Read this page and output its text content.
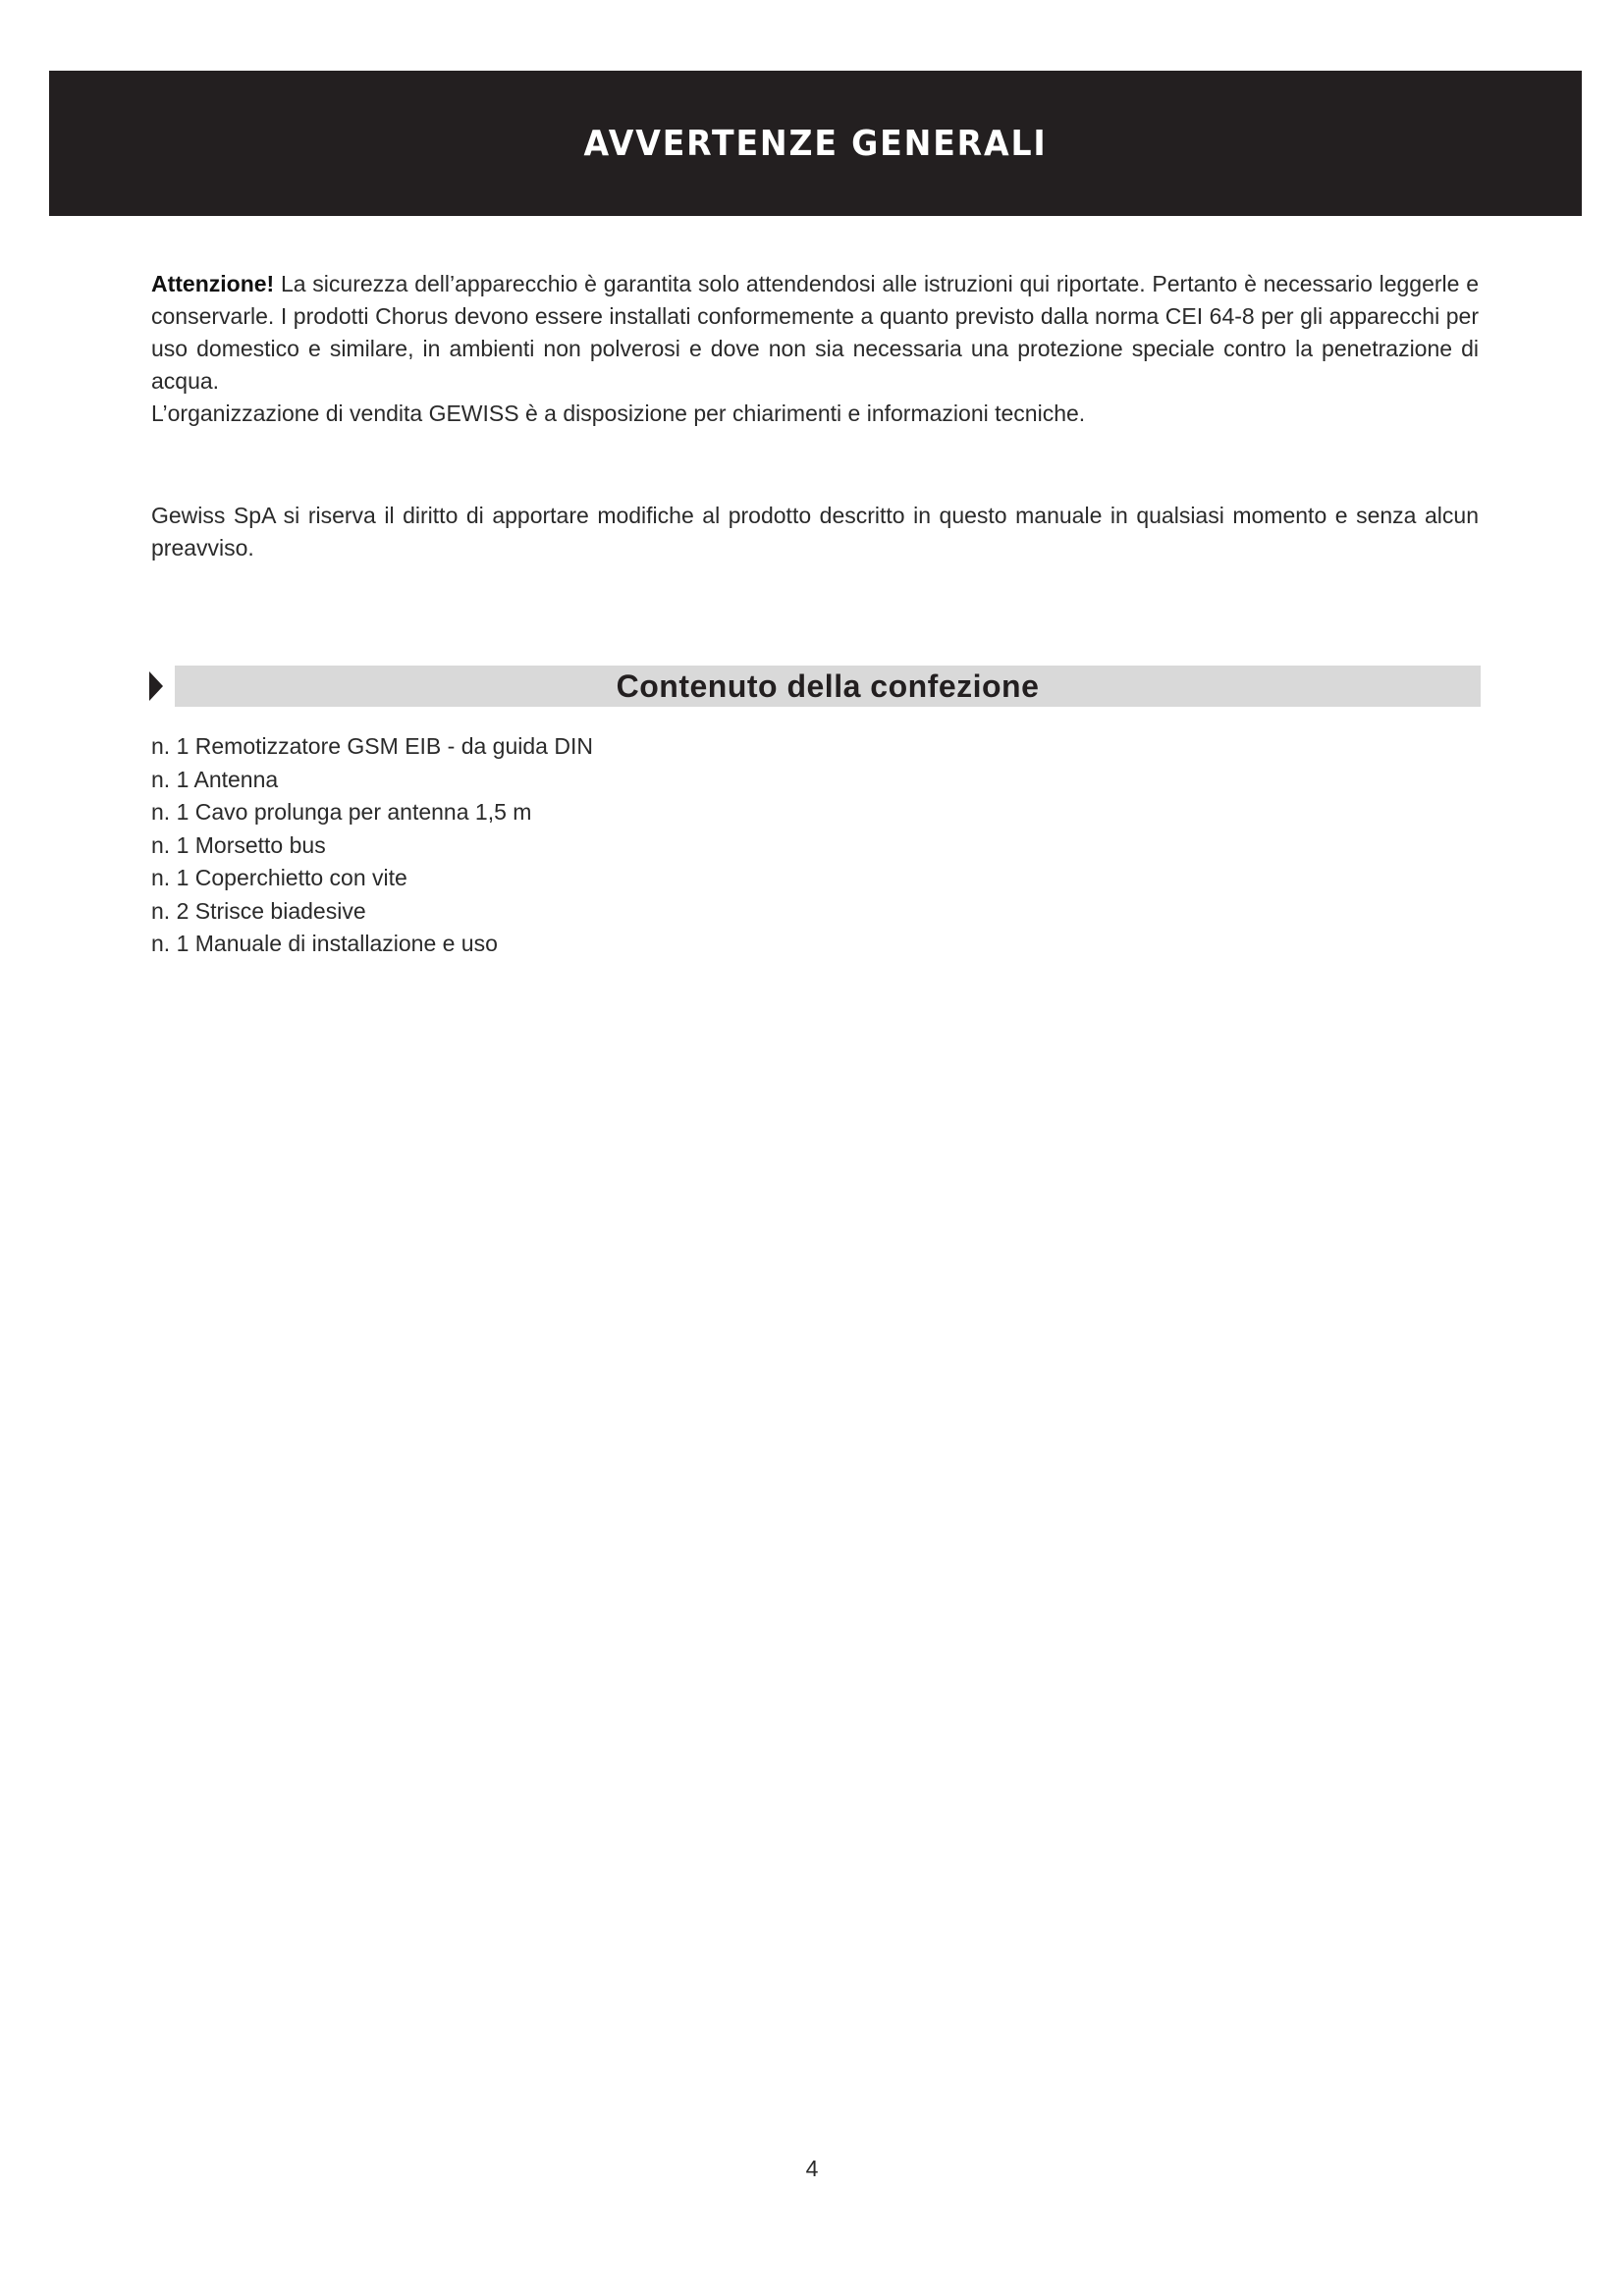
AVVERTENZE GENERALI

Attenzione! La sicurezza dell’apparecchio è garantita solo attendendosi alle istruzioni qui riportate. Pertanto è necessario leggerle e conservarle. I prodotti Chorus devono essere installati conformemente a quanto previsto dalla norma CEI 64-8 per gli apparecchi per uso domestico e similare, in ambienti non polverosi e dove non sia necessaria una protezione speciale contro la penetrazione di acqua.

L’organizzazione di vendita GEWISS è a disposizione per chiarimenti e informazioni tecniche.

Gewiss SpA si riserva il diritto di apportare modifiche al prodotto descritto in questo manuale in qualsiasi momento e senza alcun preavviso.

Contenuto della confezione
n. 1 Remotizzatore GSM EIB - da guida DIN
n. 1 Antenna
n. 1 Cavo prolunga per antenna 1,5 m
n. 1 Morsetto bus
n. 1 Coperchietto con vite
n. 2 Strisce biadesive
n. 1 Manuale di installazione e uso
4
